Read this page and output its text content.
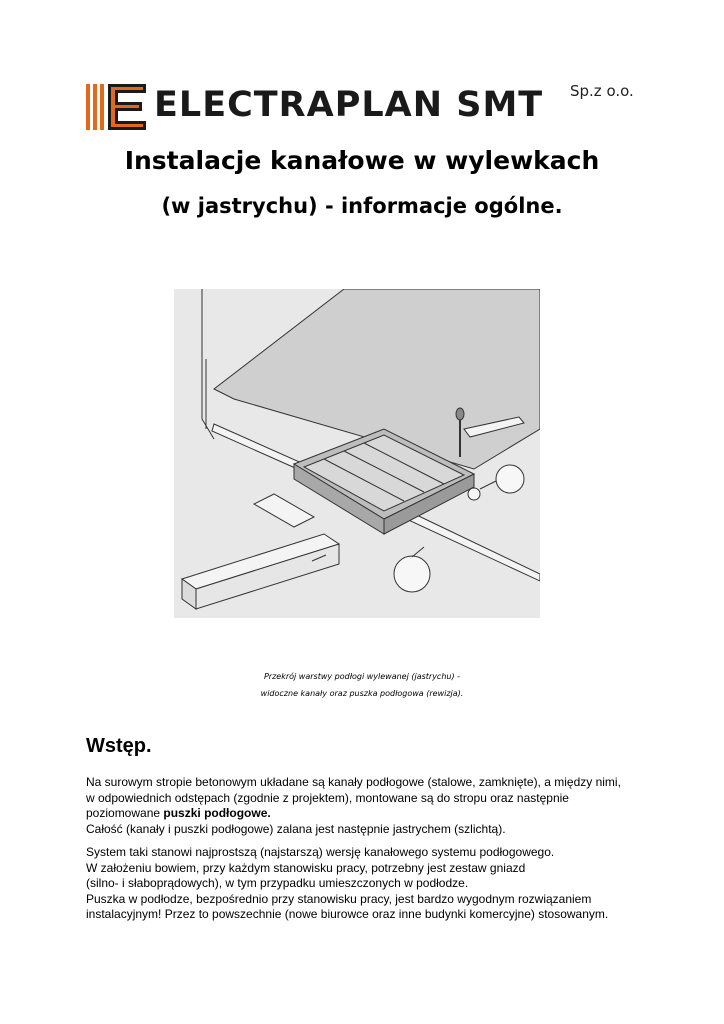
ELECTRAPLAN SMT Sp.z o.o.
Instalacje kanałowe w wylewkach
(w jastrychu) - informacje ogólne.
Przekrój warstwy podłogi wylewanej (jastrychu) -
widoczne kanały oraz puszka podłogowa (rewizja).
Wstęp.
Na surowym stropie betonowym układane są kanały podłogowe (stalowe, zamknięte), a między nimi,
w odpowiednich odstępach (zgodnie z projektem), montowane są do stropu oraz następnie
poziomowane puszki podłogowe.
Całość (kanały i puszki podłogowe) zalana jest następnie jastrychem (szlichtą).
System taki stanowi najprostszą (najstarszą) wersję kanałowego systemu podłogowego.
W założeniu bowiem, przy każdym stanowisku pracy, potrzebny jest zestaw gniazd
(silno- i słaboprądowych), w tym przypadku umieszczonych w podłodze.
Puszka w podłodze, bezpośrednio przy stanowisku pracy, jest bardzo wygodnym rozwiązaniem
instalacyjnym! Przez to powszechnie (nowe biurowce oraz inne budynki komercyjne) stosowanym.
